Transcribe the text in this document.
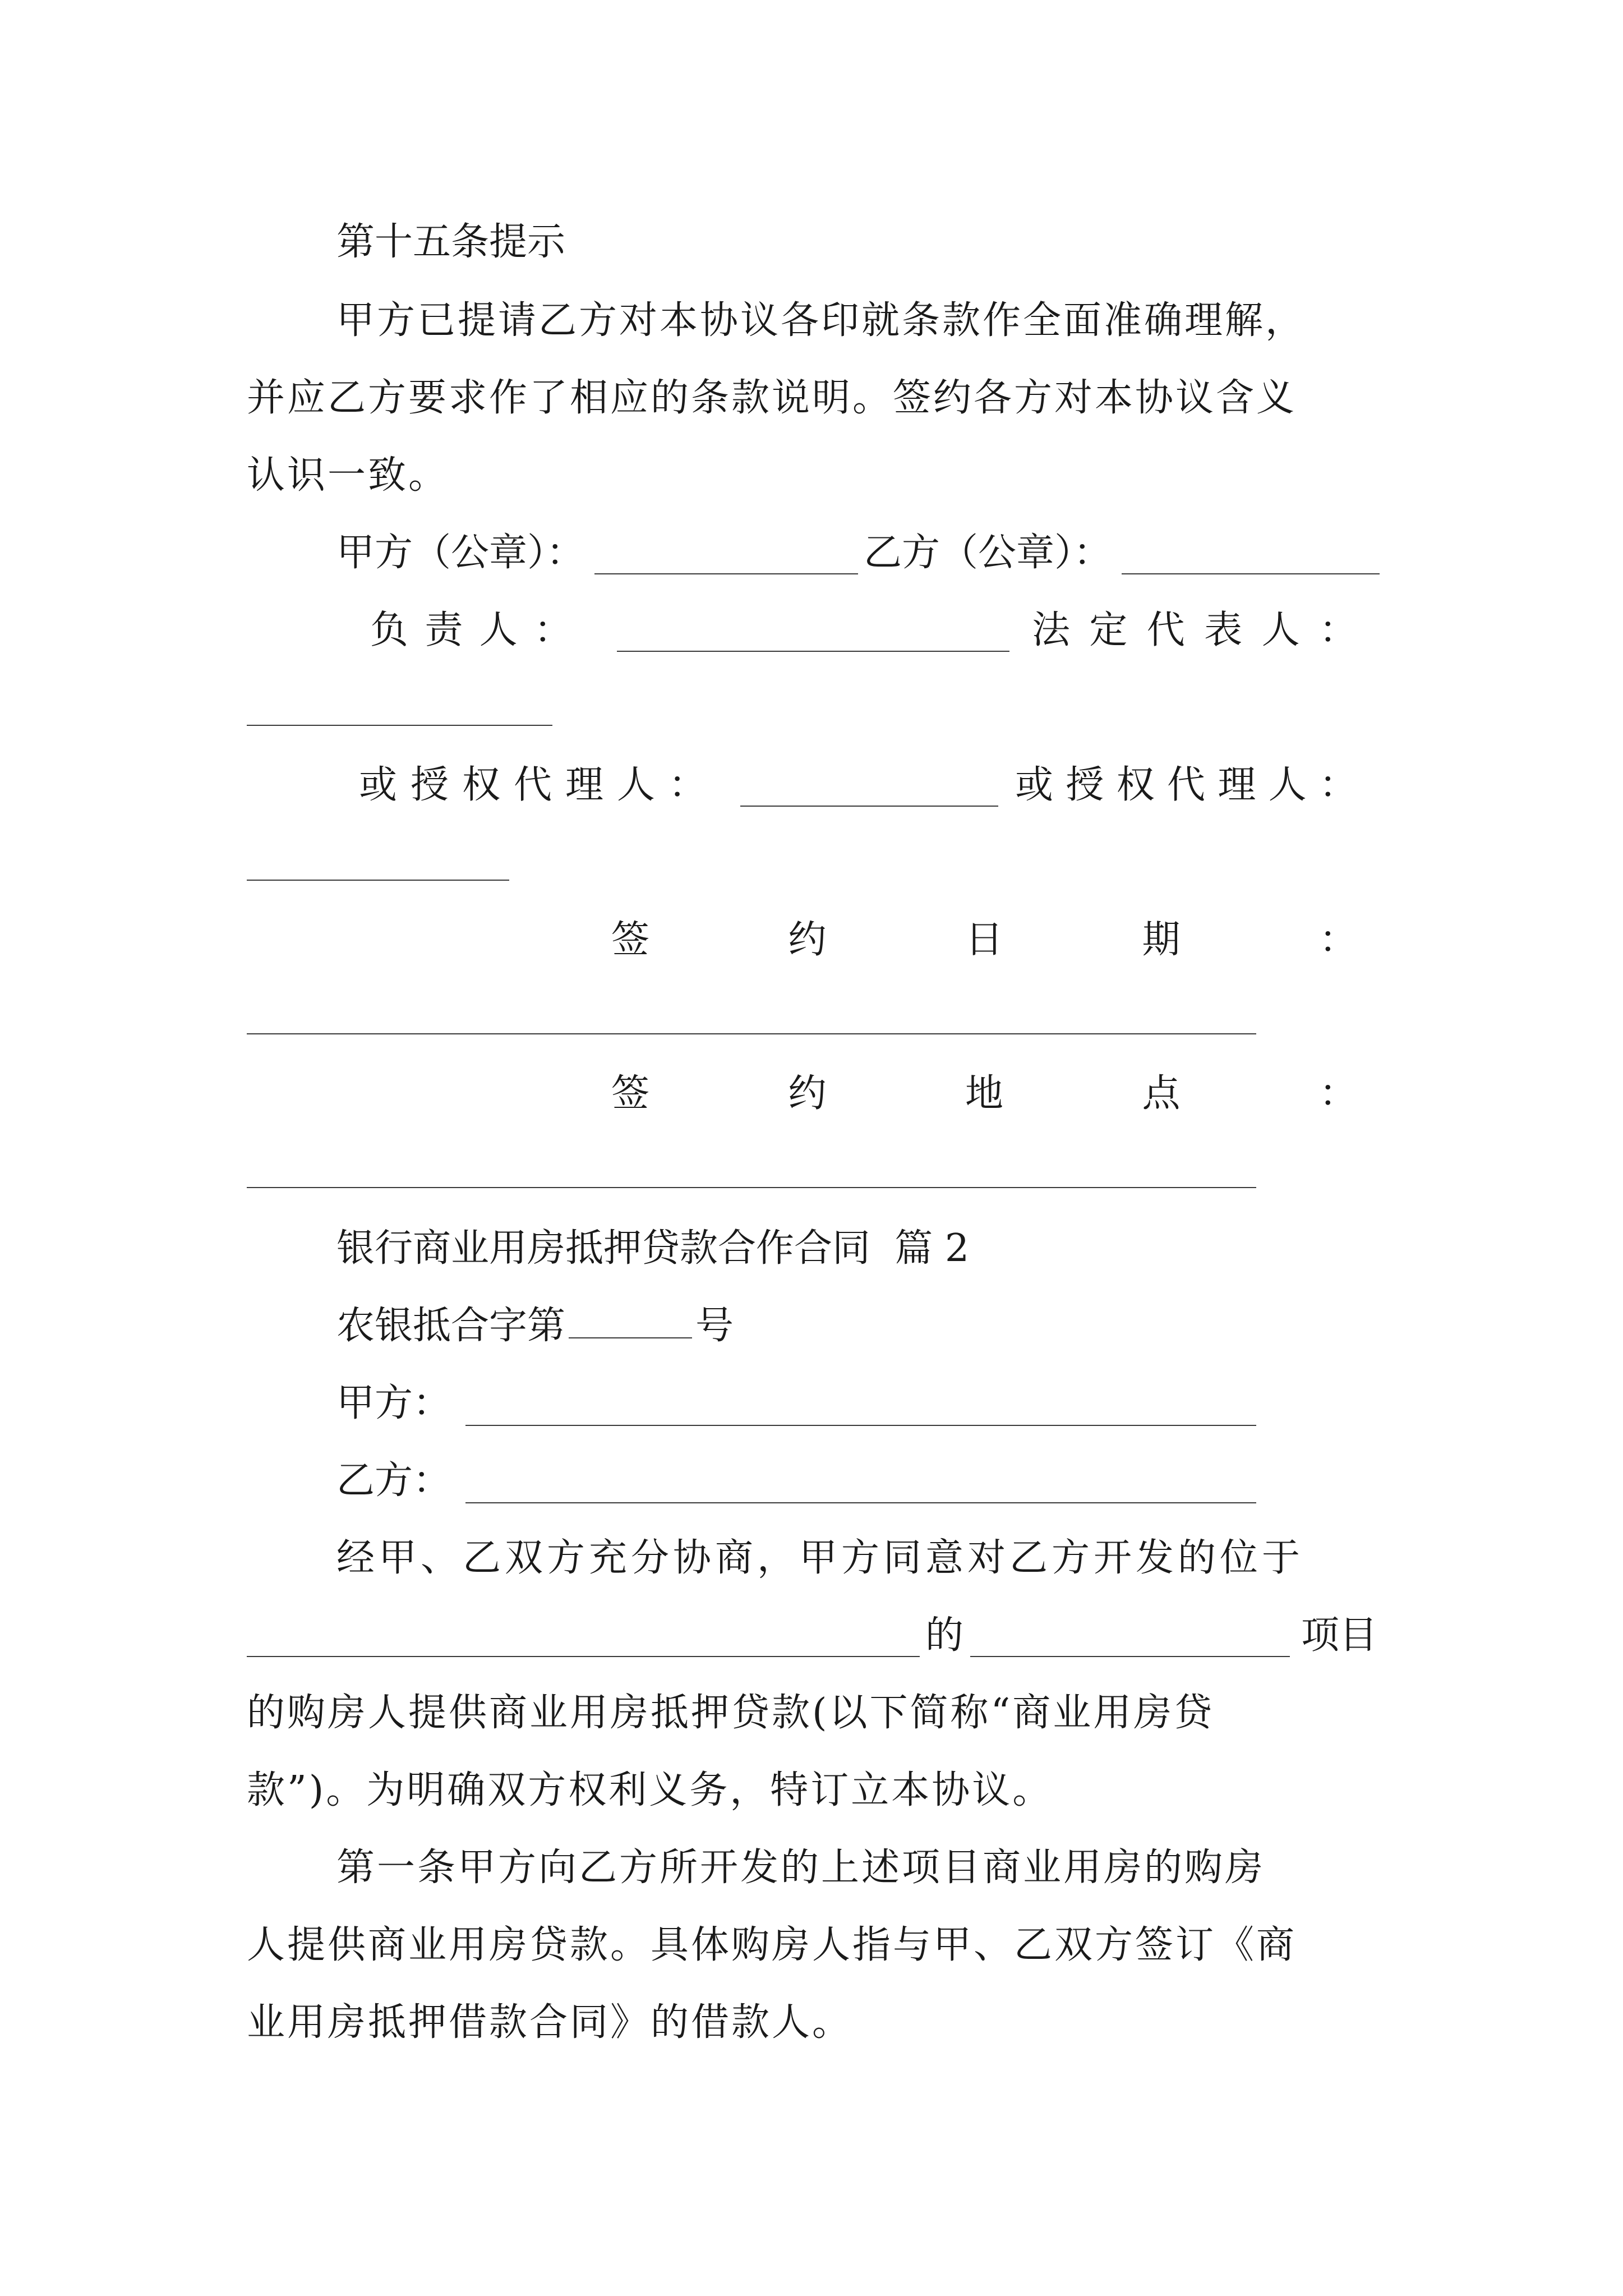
第十五条提示
甲方已提请乙方对本协议各印就条款作全面准确理解，
并应乙方要求作了相应的条款说明。签约各方对本协议含义
认识一致。
甲方（公章）：	乙方（公章）：
负 责 人 ：	法 定 代 表 人 ：
或 授 权 代 理 人 ：	或 授 权 代 理 人 ：
签	约	日	期	：
签	约	地	点	：
银行商业用房抵押贷款合作合同  篇 2
农银抵合字第	号
甲方：
乙方：
经甲、乙双方充分协商，甲方同意对乙方开发的位于
的	项目
的购房人提供商业用房抵押贷款(以下简称“商业用房贷
款”)。为明确双方权利义务，特订立本协议。
第一条甲方向乙方所开发的上述项目商业用房的购房
人提供商业用房贷款。具体购房人指与甲、乙双方签订《商
业用房抵押借款合同》的借款人。
